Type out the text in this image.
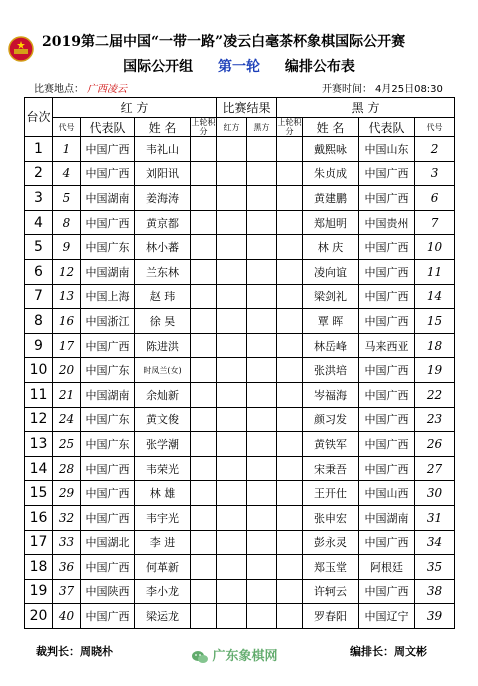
2019第二届中国“一带一路”凌云白毫茶杯象棋国际公开赛
国际公开组 第一轮 编排公布表
比赛地点： 广西凌云	开赛时间： 4月25日08:30
台次	红 方				比赛结果		黑 方			
	代号	代表队	姓 名	上轮积分	红方	黑方	上轮积分	姓 名	代表队	代号
1	1	中国广西	韦礼山					戴熙咏	中国山东	2
2	4	中国广西	刘阳讯					朱贞成	中国广西	3
3	5	中国湖南	姜海涛					黄建鹏	中国广西	6
4	8	中国广西	黄京都					郑旭明	中国贵州	7
5	9	中国广东	林小蕃					林 庆	中国广西	10
6	12	中国湖南	兰东林					凌向谊	中国广西	11
7	13	中国上海	赵 玮					梁剑礼	中国广西	14
8	16	中国浙江	徐 昊					覃 晖	中国广西	15
9	17	中国广西	陈进洪					林岳峰	马来西亚	18
10	20	中国广东	时凤兰(女)					张洪培	中国广西	19
11	21	中国湖南	余灿新					岑福海	中国广西	22
12	24	中国广东	黄文俊					颜习发	中国广西	23
13	25	中国广东	张学潮					黄铁军	中国广西	26
14	28	中国广西	韦荣光					宋秉吾	中国广西	27
15	29	中国广西	林 雄					王开仕	中国山西	30
16	32	中国广西	韦宇光					张申宏	中国湖南	31
17	33	中国湖北	李 进					彭永灵	中国广西	34
18	36	中国广西	何革新					郑玉堂	阿根廷	35
19	37	中国陕西	李小龙					许轲云	中国广西	38
20	40	中国广西	梁运龙					罗春阳	中国辽宁	39
裁判长：周晓朴	广东象棋网	编排长：周文彬
